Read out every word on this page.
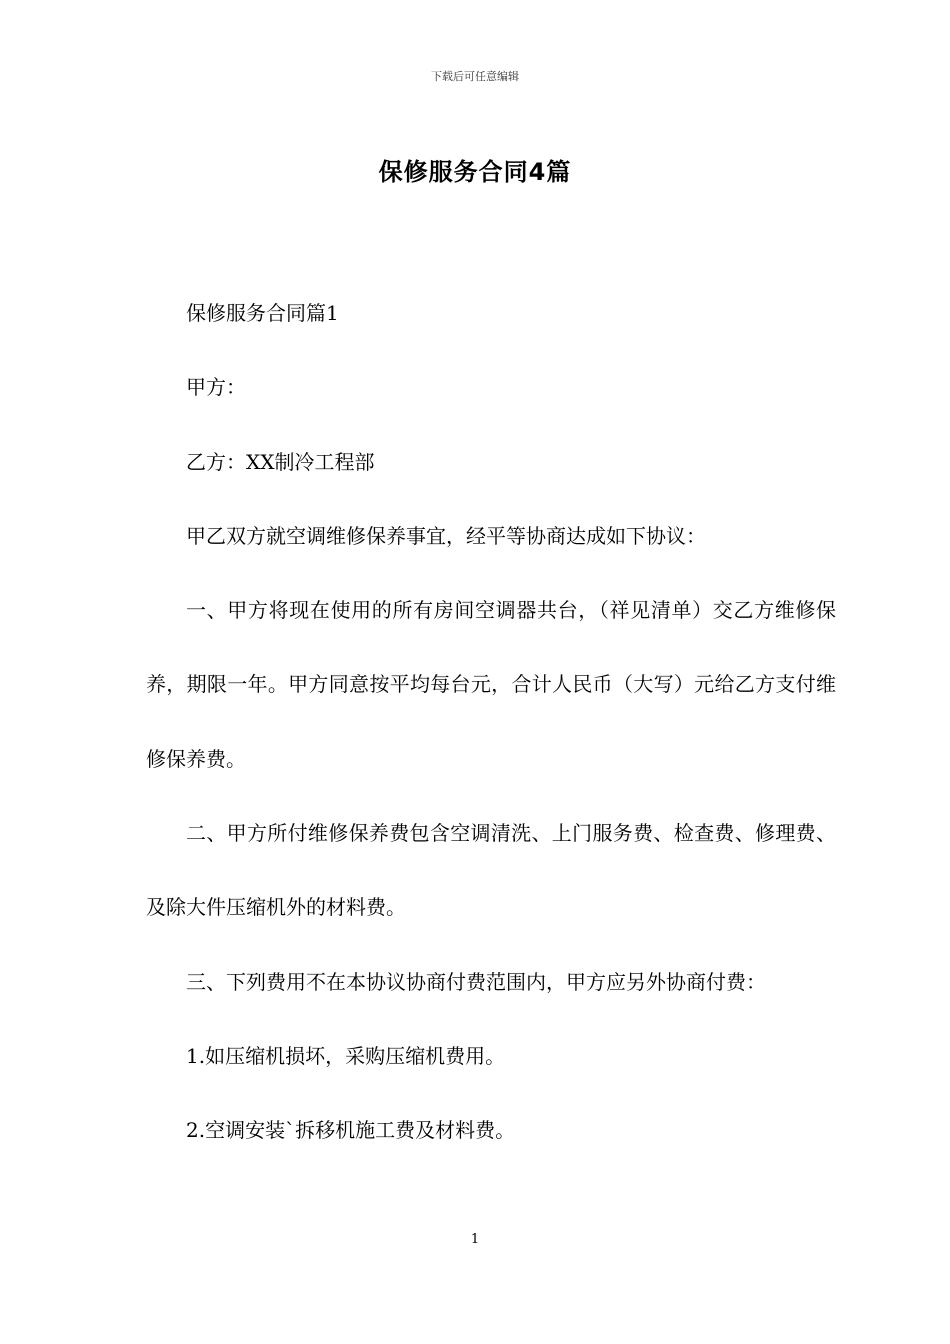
下载后可任意编辑
保修服务合同4篇

保修服务合同篇1

甲方：

乙方：XX制冷工程部

甲乙双方就空调维修保养事宜，经平等协商达成如下协议：

一、甲方将现在使用的所有房间空调器共台，（祥见清单）交乙方维修保养，期限一年。甲方同意按平均每台元，合计人民币（大写）元给乙方支付维修保养费。

二、甲方所付维修保养费包含空调清洗、上门服务费、检查费、修理费、及除大件压缩机外的材料费。

三、下列费用不在本协议协商付费范围内，甲方应另外协商付费：

1.如压缩机损坏，采购压缩机费用。

2.空调安装`拆移机施工费及材料费。

1
